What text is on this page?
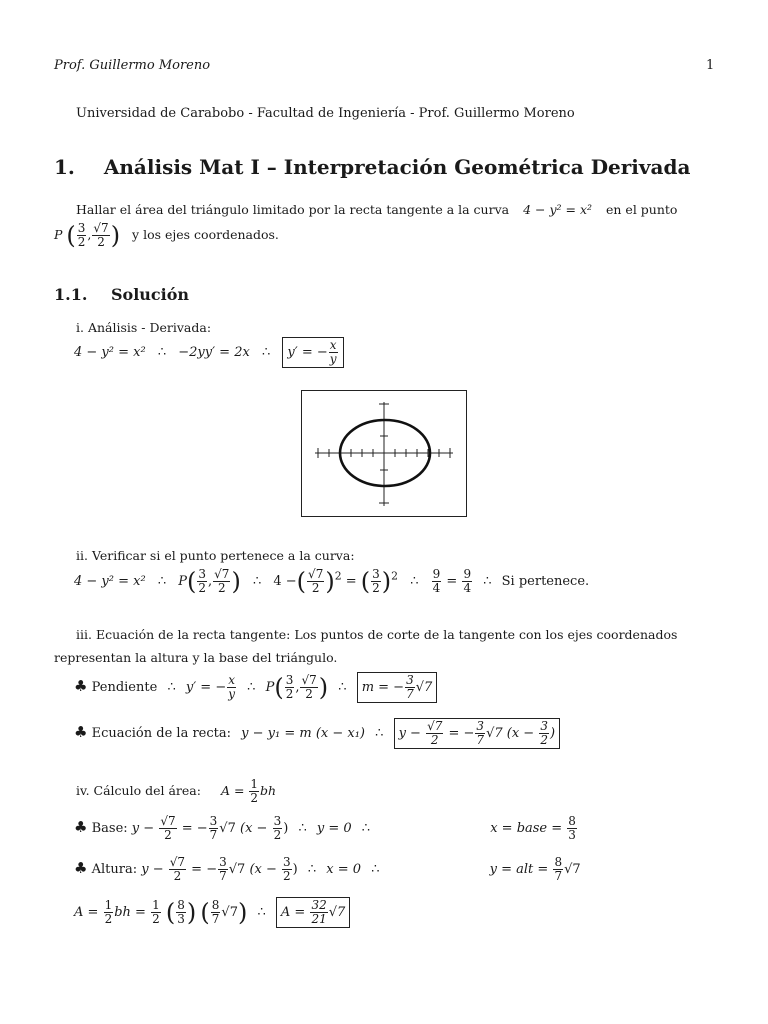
Prof. Guillermo Moreno	1
Universidad de Carabobo - Facultad de Ingeniería - Prof. Guillermo Moreno
1. Análisis Mat I – Interpretación Geométrica Derivada
Hallar el área del triángulo limitado por la recta tangente a la curva 4 − y² = x² en el punto
P ( $\frac{3}{2}$ , $\frac{√7}{2}$ ) y los ejes coordenados.
1.1. Solución
i. Análisis - Derivada:
4 − y² = x² ∴ −2yy′ = 2x ∴ y′ = − $\frac{x}{y}$
ii. Verificar si el punto pertenece a la curva:
4 − y² = x² ∴ $P( \frac{3}{2}$ , $\frac{√7}{2}$ ) ∴ 4 −( $\frac{√7}{2} )^2$ = ( $\frac{3}{2} )^2$ ∴ $\frac{9}{4} = \frac{9}{4}$ ∴ Si pertenece.
iii. Ecuación de la recta tangente: Los puntos de corte de la tangente con los ejes coordenados
representan la altura y la base del triángulo.
♣ Pendiente ∴ y′ = − $\frac{x}{y}$ ∴ $P( \frac{3}{2}$ , $\frac{√7}{2}$ ) ∴ m = − $\frac{3}{7} √7$
♣ Ecuación de la recta: y − y₁ = m (x − x₁) ∴ $y - \frac{√7}{2}$ = − $\frac{3}{7} √7$ ($x - \frac{3}{2}$ )
iv. Cálculo del área: $A = \frac{1}{2}$ bh
♣ Base: $y - \frac{√7}{2}$ = − $\frac{3}{7} √7$ ($x - \frac{3}{2}$ ) ∴ y = 0 ∴	x = base = $\frac{8}{3}$
♣ Altura: $y - \frac{√7}{2}$ = − $\frac{3}{7} √7$ ($x - \frac{3}{2}$ ) ∴ x = 0 ∴	y = alt = $\frac{8}{7} √7$
$A = \frac{1}{2}$ bh = $\frac{1}{2}$ ( $\frac{8}{3}$ ) ( $\frac{8}{7} √7$) ∴ $A = \frac{32}{21} √7$
